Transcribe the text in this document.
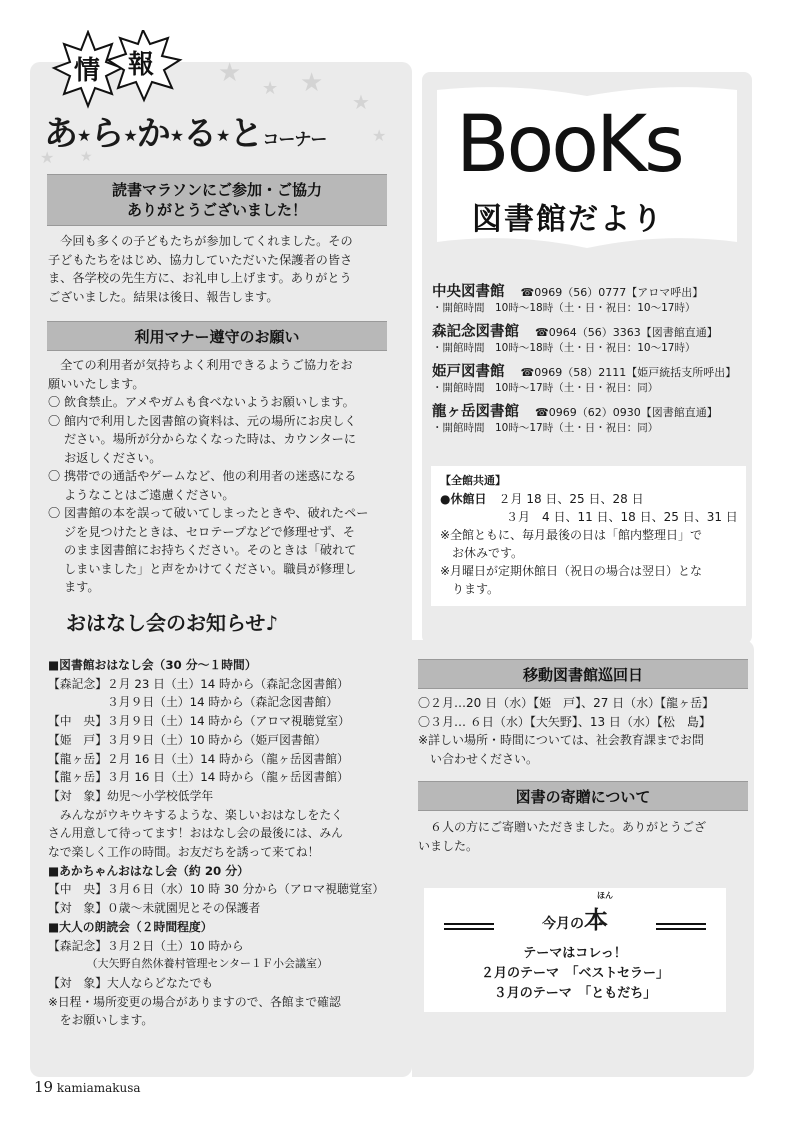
★
★ ★
★
★
★ ★
情 報
あ★ら★か★る★とコーナー
読書マラソンにご参加・ご協力
ありがとうございました！
　今回も多くの子どもたちが参加してくれました。その
子どもたちをはじめ、協力していただいた保護者の皆さ
ま、各学校の先生方に、お礼申し上げます。ありがとう
ございました。結果は後日、報告します。
利用マナー遵守のお願い
　全ての利用者が気持ちよく利用できるようご協力をお
願いいたします。
〇 飲食禁止。アメやガムも食べないようお願いします。
〇 館内で利用した図書館の資料は、元の場所にお戻しく
ださい。場所が分からなくなった時は、カウンターに
お返しください。
〇 携帯での通話やゲームなど、他の利用者の迷惑になる
ようなことはご遠慮ください。
〇 図書館の本を誤って破いてしまったときや、破れたペー
ジを見つけたときは、セロテープなどで修理せず、そ
のまま図書館にお持ちください。そのときは「破れて
しまいました」と声をかけてください。職員が修理し
ます。
おはなし会のお知らせ♪
■図書館おはなし会（30 分～１時間）
【森記念】２月 23 日（土）14 時から（森記念図書館）
　　　　　３月９日（土）14 時から（森記念図書館）
【中　央】３月９日（土）14 時から（アロマ視聴覚室）
【姫　戸】３月９日（土）10 時から（姫戸図書館）
【龍ヶ岳】２月 16 日（土）14 時から（龍ヶ岳図書館）
【龍ヶ岳】３月 16 日（土）14 時から（龍ヶ岳図書館）
【対　象】幼児～小学校低学年
　みんながウキウキするような、楽しいおはなしをたく
さん用意して待ってます！おはなし会の最後には、みん
なで楽しく工作の時間。お友だちを誘って来てね！
■あかちゃんおはなし会（約 20 分）
【中　央】３月６日（水）10 時 30 分から（アロマ視聴覚室）
【対　象】０歳～未就園児とその保護者
■大人の朗読会（２時間程度）
【森記念】３月２日（土）10 時から
　　　　（大矢野自然休養村管理センター１Ｆ小会議室）
【対　象】大人ならどなたでも
※日程・場所変更の場合がありますので、各館まで確認
　をお願いします。
BooKs
図書館だより
中央図書館　 ☎0969（56）0777【アロマ呼出】
・開館時間　10時～18時（土・日・祝日：10～17時）
森記念図書館　 ☎0964（56）3363【図書館直通】
・開館時間　10時～18時（土・日・祝日：10～17時）
姫戸図書館　 ☎0969（58）2111【姫戸統括支所呼出】
・開館時間　10時～17時（土・日・祝日：同）
龍ヶ岳図書館　 ☎0969（62）0930【図書館直通】
・開館時間　10時～17時（土・日・祝日：同）
【全館共通】
●休館日　 ２月 18 日、25 日、28 日
３月　4 日、11 日、18 日、25 日、31 日
※全館ともに、毎月最後の日は「館内整理日」で
　お休みです。
※月曜日が定期休館日（祝日の場合は翌日）とな
　ります。
移動図書館巡回日
〇２月…20 日（水）【姫　戸】、27 日（水）【龍ヶ岳】
〇３月… ６日（水）【大矢野】、13 日（水）【松　島】
※詳しい場所・時間については、社会教育課までお問
　い合わせください。
図書の寄贈について
　６人の方にご寄贈いただきました。ありがとうござ
いました。
ほん
今月の本
テーマはコレっ！
２月のテーマ　「ベストセラー」
３月のテーマ　「ともだち」
19 kamiamakusa
